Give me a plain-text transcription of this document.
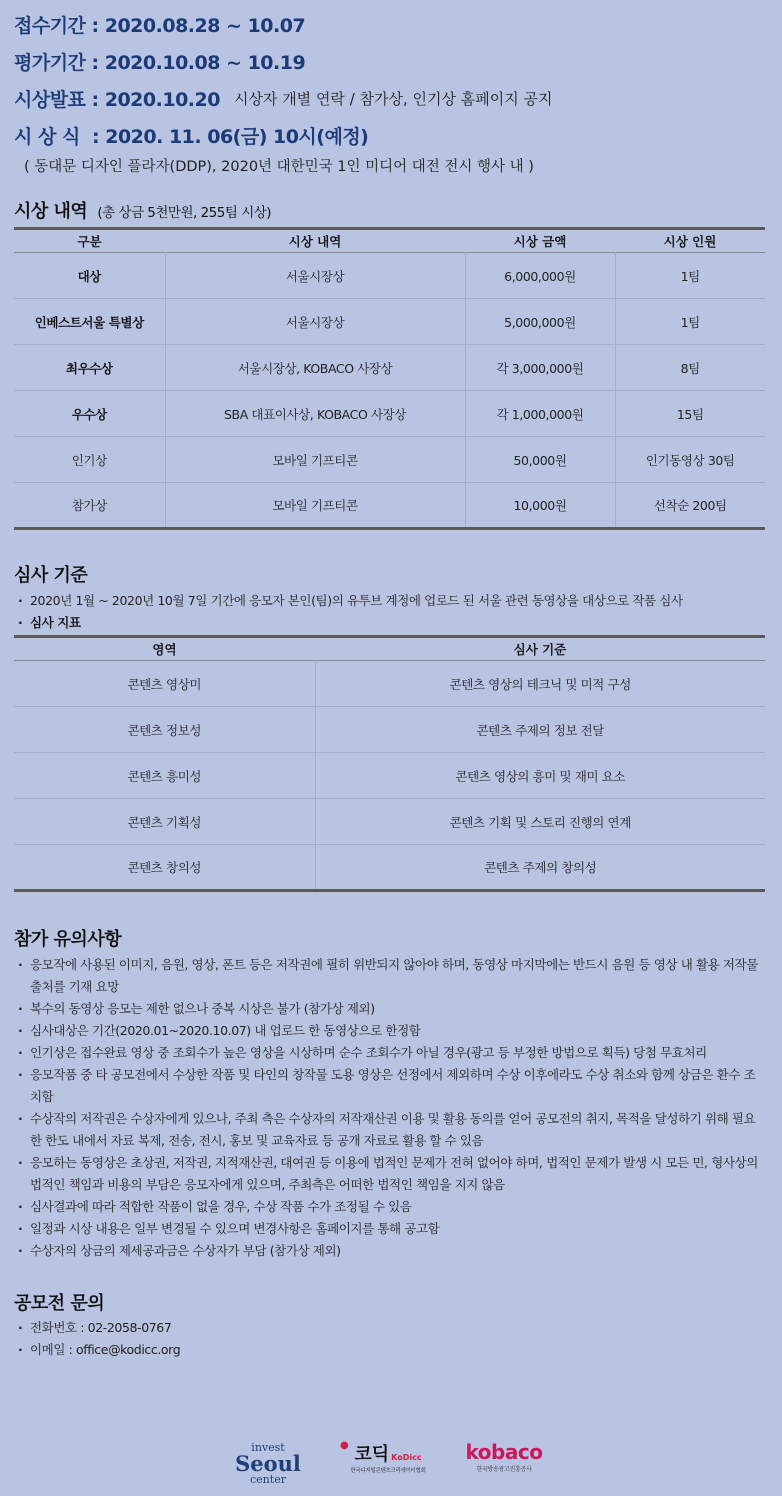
접수기간 : 2020.08.28 ~ 10.07
평가기간 : 2020.10.08 ~ 10.19
시상발표 : 2020.10.20 시상자 개별 연락 / 참가상, 인기상 홈페이지 공지
시 상 식  : 2020. 11. 06(금) 10시(예정)
( 동대문 디자인 플라자(DDP), 2020년 대한민국 1인 미디어 대전 전시 행사 내 )
시상 내역 (총 상금 5천만원, 255팀 시상)
구분	시상 내역	시상 금액	시상 인원
대상	서울시장상	6,000,000원	1팀
인베스트서울 특별상	서울시장상	5,000,000원	1팀
최우수상	서울시장상, KOBACO 사장상	각 3,000,000원	8팀
우수상	SBA 대표이사상, KOBACO 사장상	각 1,000,000원	15팀
인기상	모바일 기프티콘	50,000원	인기동영상 30팀
참가상	모바일 기프티콘	10,000원	선착순 200팀
심사 기준
· 2020년 1월 ~ 2020년 10월 7일 기간에 응모자 본인(팀)의 유투브 계정에 업로드 된 서울 관련 동영상을 대상으로 작품 심사
· 심사 지표
영역	심사 기준
콘텐츠 영상미	콘텐츠 영상의 테크닉 및 미적 구성
콘텐츠 정보성	콘텐츠 주제의 정보 전달
콘텐츠 흥미성	콘텐츠 영상의 흥미 및 재미 요소
콘텐츠 기획성	콘텐츠 기획 및 스토리 진행의 연계
콘텐츠 창의성	콘텐츠 주제의 창의성
참가 유의사항
· 응모작에 사용된 이미지, 음원, 영상, 폰트 등은 저작권에 필히 위반되지 않아야 하며, 동영상 마지막에는 반드시 음원 등 영상 내 활용 저작물 출처를 기재 요망
· 복수의 동영상 응모는 제한 없으나 중복 시상은 불가 (참가상 제외)
· 심사대상은 기간(2020.01~2020.10.07) 내 업로드 한 동영상으로 한정함
· 인기상은 접수완료 영상 중 조회수가 높은 영상을 시상하며 순수 조회수가 아닐 경우(광고 등 부정한 방법으로 획득) 당첨 무효처리
· 응모작품 중 타 공모전에서 수상한 작품 및 타인의 창작물 도용 영상은 선정에서 제외하며 수상 이후에라도 수상 취소와 함께 상금은 환수 조치함
· 수상작의 저작권은 수상자에게 있으나, 주최 측은 수상자의 저작재산권 이용 및 활용 동의를 얻어 공모전의 취지, 목적을 달성하기 위해 필요한 한도 내에서 자료 복제, 전송, 전시, 홍보 및 교육자료 등 공개 자료로 활용 할 수 있음
· 응모하는 동영상은 초상권, 저작권, 지적재산권, 대여권 등 이용에 법적인 문제가 전혀 없어야 하며, 법적인 문제가 발생 시 모든 민, 형사상의 법적인 책임과 비용의 부담은 응모자에게 있으며, 주최측은 어떠한 법적인 책임을 지지 않음
· 심사결과에 따라 적합한 작품이 없을 경우, 수상 작품 수가 조정될 수 있음
· 일정과 시상 내용은 일부 변경될 수 있으며 변경사항은 홈페이지를 통해 공고함
· 수상자의 상금의 제세공과금은 수상자가 부담 (참가상 제외)
공모전 문의
· 전화번호 : 02-2058-0767
· 이메일 : office@kodicc.org
invest
Seoul
center
● 코딕 KoDicc
한국디지털콘텐츠크리에이터협회
kobaco
한국방송광고진흥공사
